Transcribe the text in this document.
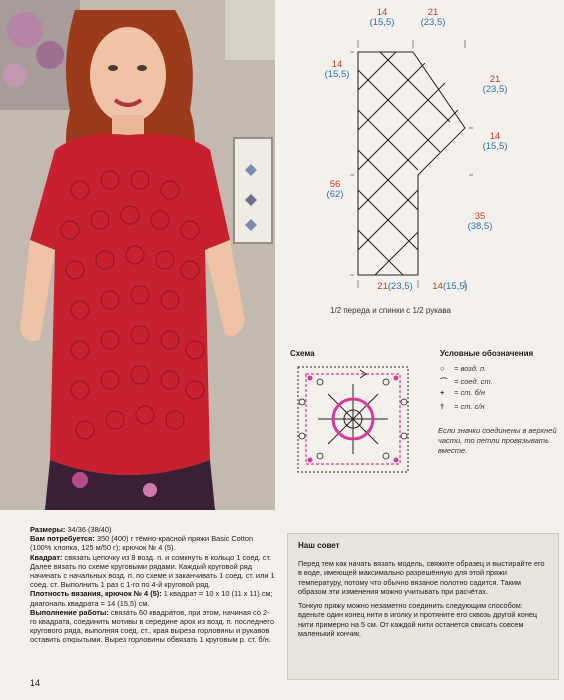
14
(15,5)
21
(23,5)
14
(15,5)	21
(23,5)
14
(15,5)
56
(62)
35
(38,5)
21(23,5)	14(15,5)
1/2 переда и спинки с 1/2 рукава
Схема	Условные обозначения
○ = возд. п.
⌒ = соед. ст.
+ = ст. б/н
† = ст. с/н
Если значки соединены в верхней части, то петли провязывать вместе.

Размеры: 34/36 (38/40)

Вам потребуется: 350 (400) г тёмно-красной пряжи Basic Cotton (100% хлопка, 125 м/50 г); крючок № 4 (5).

Квадрат: связать цепочку из 8 возд. п. и сомкнуть в кольцо 1 соед. ст. Далее вязать по схеме круговыми рядами. Каждый круговой ряд начинать с начальных возд. п. по схеме и заканчивать 1 соед. ст. или 1 соед. ст. Выполнить 1 раз с 1-го по 4-й круговой ряд.

Плотность вязания, крючок № 4 (5): 1 квадрат = 10 х 10 (11 х 11) см; диагональ квадрата = 14 (15,5) см.

Выполнение работы: связать 60 квадратов, при этом, начиная со 2-го квадрата, соединить мотивы в середине арок из возд. п. последнего кругового ряда, выполняя соед. ст., края выреза горловины и рукавов оставить открытыми. Вырез горловины обвязать 1 круговым р. ст. б/н.

Наш совет

Перед тем как начать вязать модель, свяжите образец и выстирайте его в воде, имеющей максимально разрешённую для этой пряжи температуру, потому что обычно вязаное полотно садится. Таким образом эти изменения можно учитывать при расчётах.

Тонкую пряжу можно незаметно соединить следующим способом: вденьте один конец нити в иголку и протяните его сквозь другой конец нити примерно на 5 см. От каждой нити останется свисать совсем маленький кончик.

14
